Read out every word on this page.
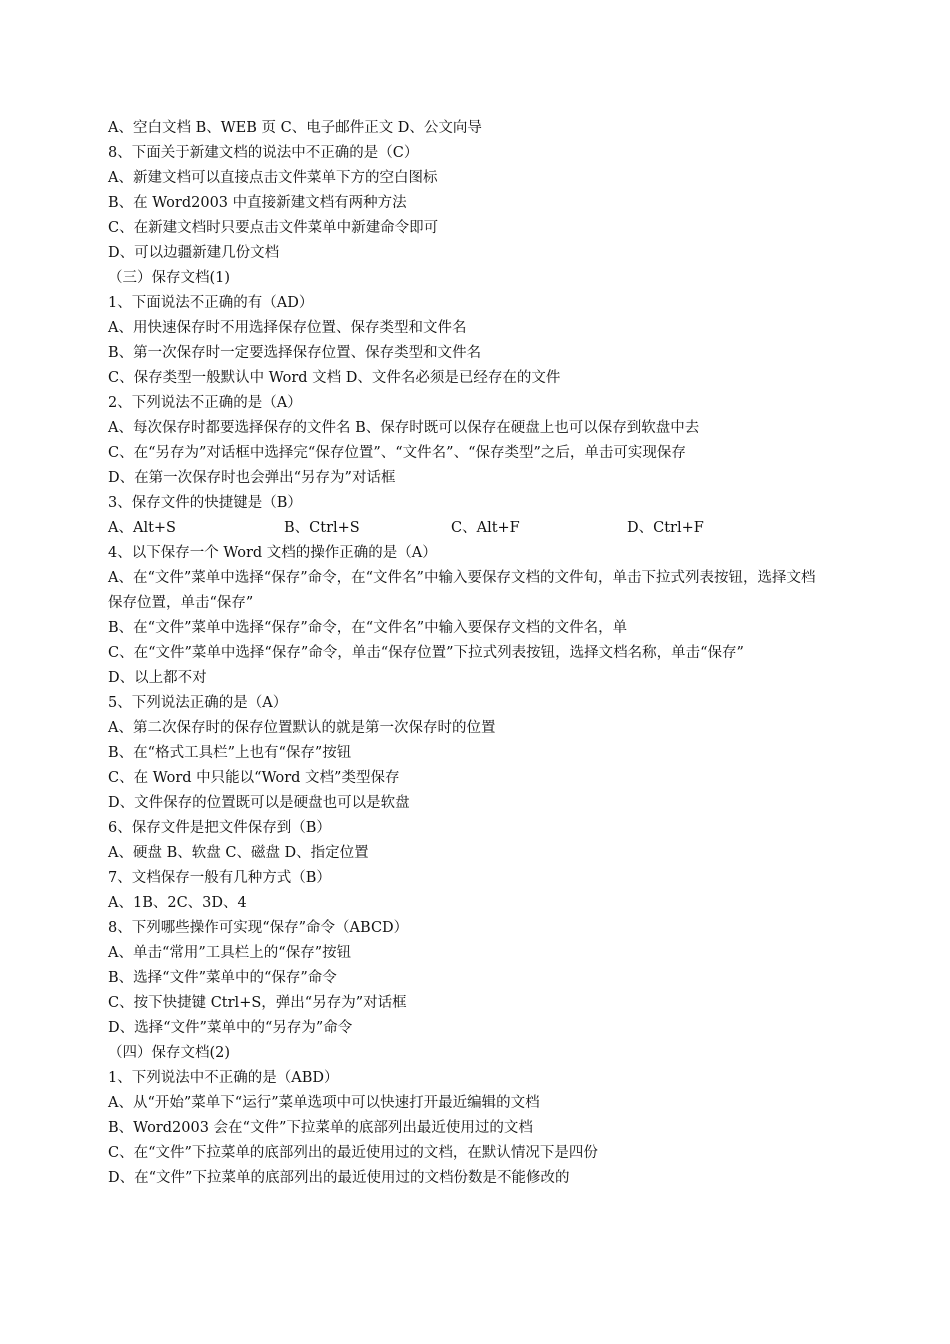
A、空白文档 B、WEB 页 C、电子邮件正文 D、公文向导
8、下面关于新建文档的说法中不正确的是（C）
A、新建文档可以直接点击文件菜单下方的空白图标
B、在 Word2003 中直接新建文档有两种方法
C、在新建文档时只要点击文件菜单中新建命令即可
D、可以边疆新建几份文档
（三）保存文档(1)
1、下面说法不正确的有（AD）
A、用快速保存时不用选择保存位置、保存类型和文件名
B、第一次保存时一定要选择保存位置、保存类型和文件名
C、保存类型一般默认中 Word 文档 D、文件名必须是已经存在的文件
2、下列说法不正确的是（A）
A、每次保存时都要选择保存的文件名 B、保存时既可以保存在硬盘上也可以保存到软盘中去
C、在“另存为”对话框中选择完“保存位置”、“文件名”、“保存类型”之后，单击可实现保存
D、在第一次保存时也会弹出“另存为”对话框
3、保存文件的快捷键是（B）
A、Alt+S	B、Ctrl+S	C、Alt+F	D、Ctrl+F
4、以下保存一个 Word 文档的操作正确的是（A）
A、在“文件”菜单中选择“保存”命令，在“文件名”中输入要保存文档的文件旬，单击下拉式列表按钮，选择文档保存位置，单击“保存”
B、在“文件”菜单中选择“保存”命令，在“文件名”中输入要保存文档的文件名，单
C、在“文件”菜单中选择“保存”命令，单击“保存位置”下拉式列表按钮，选择文档名称，单击“保存”
D、以上都不对
5、下列说法正确的是（A）
A、第二次保存时的保存位置默认的就是第一次保存时的位置
B、在“格式工具栏”上也有“保存”按钮
C、在 Word 中只能以“Word 文档”类型保存
D、文件保存的位置既可以是硬盘也可以是软盘
6、保存文件是把文件保存到（B）
A、硬盘 B、软盘 C、磁盘 D、指定位置
7、文档保存一般有几种方式（B）
A、1B、2C、3D、4
8、下列哪些操作可实现“保存”命令（ABCD）
A、单击“常用”工具栏上的“保存”按钮
B、选择“文件”菜单中的“保存”命令
C、按下快捷键 Ctrl+S，弹出“另存为”对话框
D、选择“文件”菜单中的“另存为”命令
（四）保存文档(2)
1、下列说法中不正确的是（ABD）
A、从“开始”菜单下“运行”菜单选项中可以快速打开最近编辑的文档
B、Word2003 会在“文件”下拉菜单的底部列出最近使用过的文档
C、在“文件”下拉菜单的底部列出的最近使用过的文档，在默认情况下是四份
D、在“文件”下拉菜单的底部列出的最近使用过的文档份数是不能修改的
